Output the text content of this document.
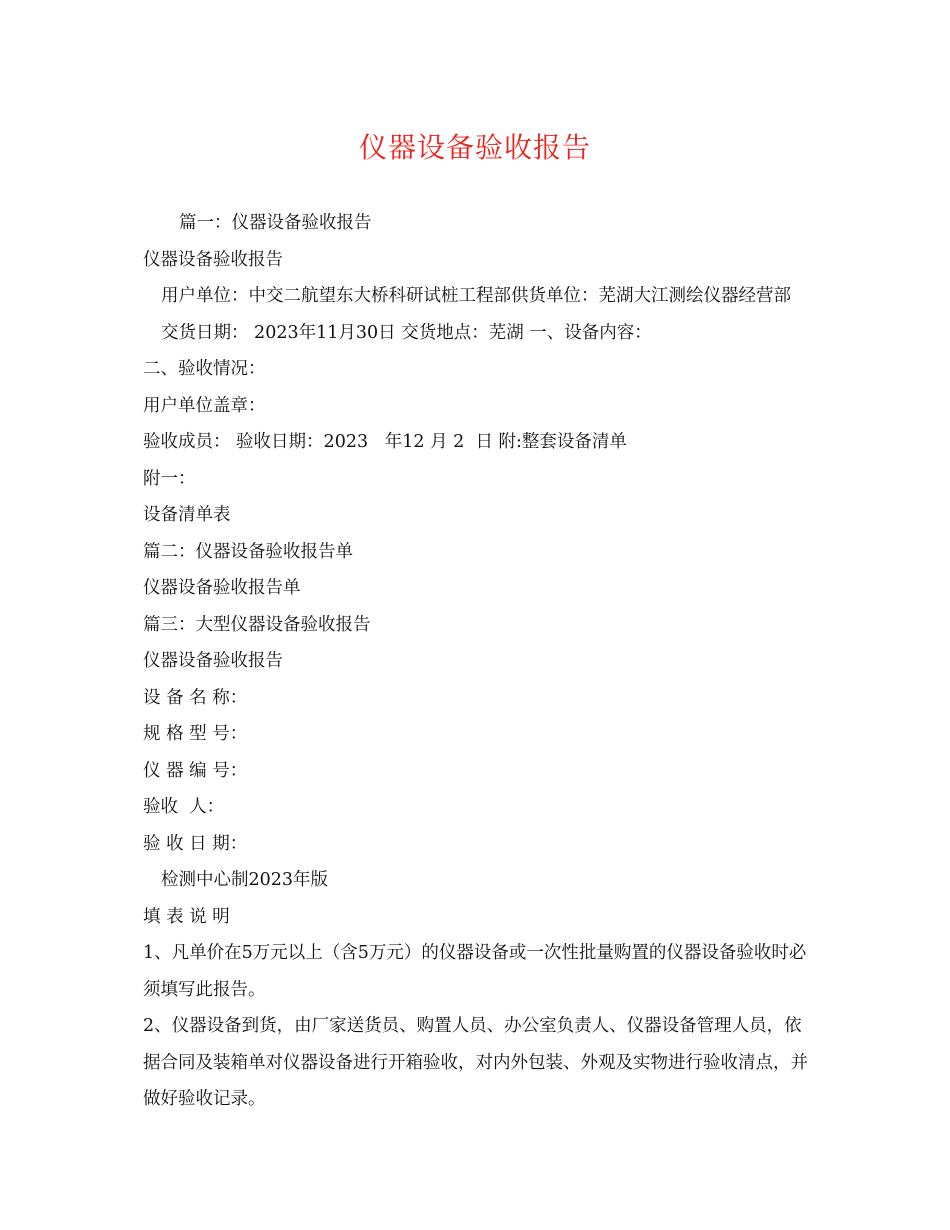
仪器设备验收报告
篇一：仪器设备验收报告
仪器设备验收报告
用户单位：中交二航望东大桥科研试桩工程部供货单位：芜湖大江测绘仪器经营部 交货日期： 2023年11月30日 交货地点：芜湖 一、设备内容：
二、验收情况：
用户单位盖章：
验收成员： 验收日期：2023   年12 月 2  日 附:整套设备清单
附一：
设备清单表
篇二：仪器设备验收报告单
仪器设备验收报告单
篇三：大型仪器设备验收报告
仪器设备验收报告
设 备 名 称：
规 格 型 号：
仪 器 编 号：
验收  人：
验 收 日 期：
检测中心制2023年版
填 表 说 明
1、凡单价在5万元以上（含5万元）的仪器设备或一次性批量购置的仪器设备验收时必须填写此报告。
2、仪器设备到货，由厂家送货员、购置人员、办公室负责人、仪器设备管理人员，依据合同及装箱单对仪器设备进行开箱验收，对内外包装、外观及实物进行验收清点，并做好验收记录。
